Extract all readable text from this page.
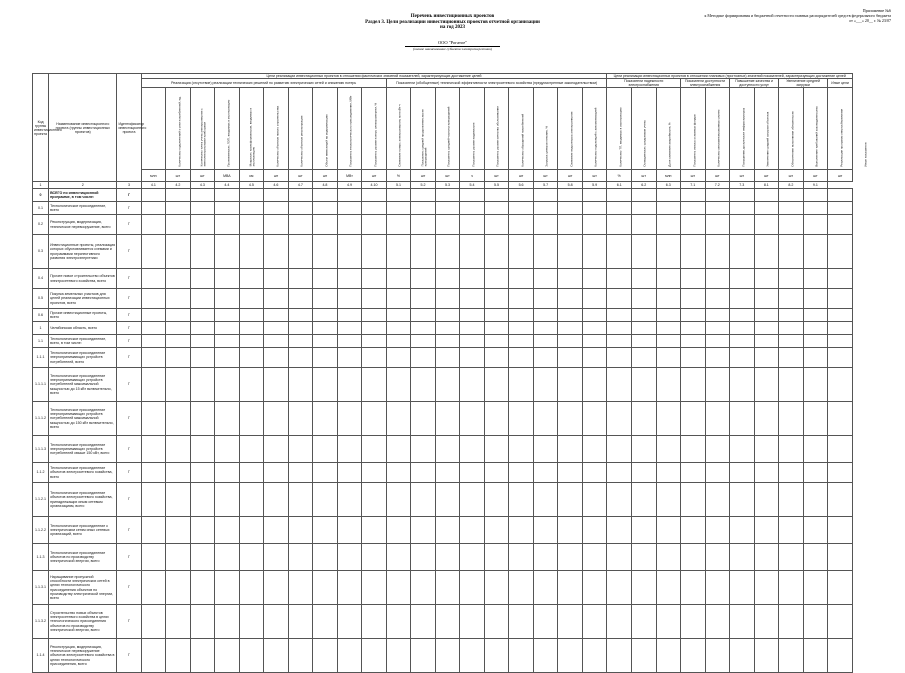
Приложение №6
к Методике формирования и бюджетной отчетности главных распорядителей средств федерального бюджета
от «___» 20__ г. № 23/07
Перечень инвестиционных проектов
Раздел 3. Цели реализации инвестиционных проектов отчетной организации
на год 2023
ООО "Рогатое"
(полное наименование субъекта электроэнергетики)
Код группы инвестиционного проекта	Наименование инвестиционного проекта (группы инвестиционных проектов)	Идентификатор инвестиционного проекта	Цели реализации инвестиционных проектов в отношении фактических значений показателей, характеризующих достижение целей																			Цели реализации инвестиционных проектов в отношении плановых (прогнозных) значений показателей, характеризующих достижение целей									
			Реализация (отсутствие) реализации технических решений по развитию электрических сетей и снижению потерь										Показатели (обобщенные) технической эффективности электросетевого хозяйства (предусмотренные законодательством)									Показатели надежности электроснабжения			Показатели доступности электроснабжения		Повышение качества и доступности услуг		Увеличение средней загрузки		Иные цели
			Количество подключений к сети потребителей, ед.	Количество точек учета электроэнергии с интеллектуальными приборами	Протяженность ЛЭП, вводимых в эксплуатацию	Мощность трансформаторов, вводимых в эксплуатацию	Количество объектов нового строительства	Количество объектов реконструкции	Объем инвестиций на модернизацию	Показатель технологического присоединения, МВт	Показатель уровня потерь электроэнергии, %	Снижение потерь электроэнергии, млн кВт·ч	Показатель средней продолжительности прекращений	Показатель средней частоты прекращений	Показатель уровня надежности	Показатель уровня качества обслуживания	Количество обращений потребителей	Загрузка центров питания, %	Снижение недоотпуска электроэнергии	Количество подстанций с автоматизацией	Количество ТП, вводимых в эксплуатацию	Оснащенность средствами учета	Доля снижения аварийности, %	Показатель износа основных фондов	Количество автоматизированных систем	Повышение доступности инфраструктуры	Увеличение средней загрузки объектов	Обеспечение исполнения обязательств	Выполнение требований законодательства	Реализация программ энергосбережения	Иные показатели
			млн	шт	шт	МВА	км	шт	шт	шт	МВт	шт	%	шт	шт	ч	шт	шт	шт	шт	шт	%	шт	млн	шт	шт	шт	шт	шт	шт	шт
1	2	3	4.1	4.2	4.3	4.4	4.5	4.6	4.7	4.8	4.9	4.10	5.1	5.2	5.3	5.4	5.5	5.6	5.7	5.8	5.9	6.1	6.2	6.3	7.1	7.2	7.3	8.1	8.2	9.1	
0	ВСЕГО по инвестиционной программе, в том числе:	Г																													
0.1	Технологическое присоединение, всего	Г																													
0.2	Реконструкция, модернизация, техническое перевооружение, всего	Г																													
0.3	Инвестиционные проекты, реализация которых обусловливается схемами и программами перспективного развития электроэнергетики	Г																													
0.4	Прочее новое строительство объектов электросетевого хозяйства, всего	Г																													
0.5	Покупка земельных участков для целей реализации инвестиционных проектов, всего	Г																													
0.6	Прочие инвестиционные проекты, всего	Г																													
1	Челябинская область, всего	Г																													
1.1	Технологическое присоединение, всего, в том числе:	Г																													
1.1.1	Технологическое присоединение энергопринимающих устройств потребителей, всего	Г																													
1.1.1.1	Технологическое присоединение энергопринимающих устройств потребителей максимальной мощностью до 15 кВт включительно, всего	Г																													
1.1.1.2	Технологическое присоединение энергопринимающих устройств потребителей максимальной мощностью до 150 кВт включительно, всего	Г																													
1.1.1.3	Технологическое присоединение энергопринимающих устройств потребителей свыше 150 кВт, всего	Г																													
1.1.2	Технологическое присоединение объектов электросетевого хозяйства, всего	Г																													
1.1.2.1	Технологическое присоединение объектов электросетевого хозяйства, принадлежащих иным сетевым организациям, всего	Г																													
1.1.2.2	Технологическое присоединение к электрическим сетям иных сетевых организаций, всего	Г																													
1.1.3	Технологическое присоединение объектов по производству электрической энергии, всего	Г																													
1.1.3.1	Наращивание пропускной способности электрических сетей в целях технологического присоединения объектов по производству электрической энергии, всего	Г																													
1.1.3.2	Строительство новых объектов электросетевого хозяйства в целях технологического присоединения объектов по производству электрической энергии, всего	Г																													
1.1.4	Реконструкция, модернизация, техническое перевооружение объектов электросетевого хозяйства в целях технологического присоединения, всего	Г																													
